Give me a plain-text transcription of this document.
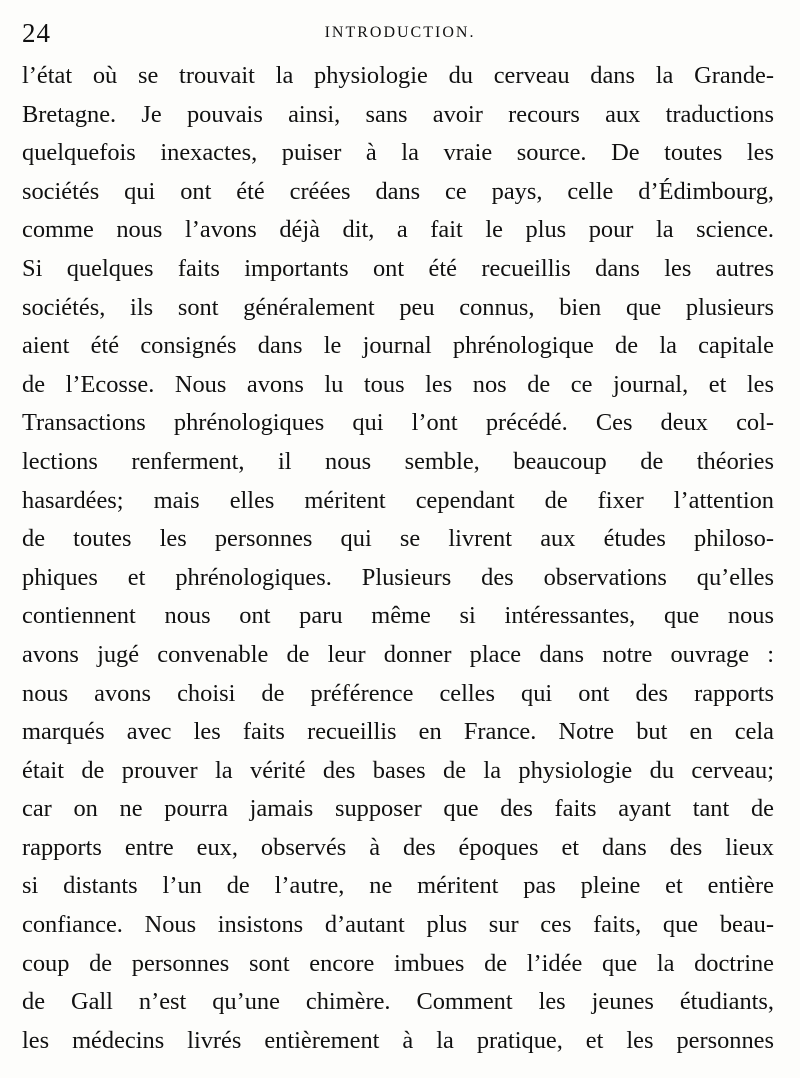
24	INTRODUCTION.
l’état où se trouvait la physiologie du cerveau dans la Grande-
Bretagne. Je pouvais ainsi, sans avoir recours aux traductions
quelquefois inexactes, puiser à la vraie source. De toutes les
sociétés qui ont été créées dans ce pays, celle d’Édimbourg,
comme nous l’avons déjà dit, a fait le plus pour la science.
Si quelques faits importants ont été recueillis dans les autres
sociétés, ils sont généralement peu connus, bien que plusieurs
aient été consignés dans le journal phrénologique de la capitale
de l’Ecosse. Nous avons lu tous les nos de ce journal, et les
Transactions phrénologiques qui l’ont précédé. Ces deux col-
lections renferment, il nous semble, beaucoup de théories
hasardées; mais elles méritent cependant de fixer l’attention
de toutes les personnes qui se livrent aux études philoso-
phiques et phrénologiques. Plusieurs des observations qu’elles
contiennent nous ont paru même si intéressantes, que nous
avons jugé convenable de leur donner place dans notre ouvrage :
nous avons choisi de préférence celles qui ont des rapports
marqués avec les faits recueillis en France. Notre but en cela
était de prouver la vérité des bases de la physiologie du cerveau;
car on ne pourra jamais supposer que des faits ayant tant de
rapports entre eux, observés à des époques et dans des lieux
si distants l’un de l’autre, ne méritent pas pleine et entière
confiance. Nous insistons d’autant plus sur ces faits, que beau-
coup de personnes sont encore imbues de l’idée que la doctrine
de Gall n’est qu’une chimère. Comment les jeunes étudiants,
les médecins livrés entièrement à la pratique, et les personnes
